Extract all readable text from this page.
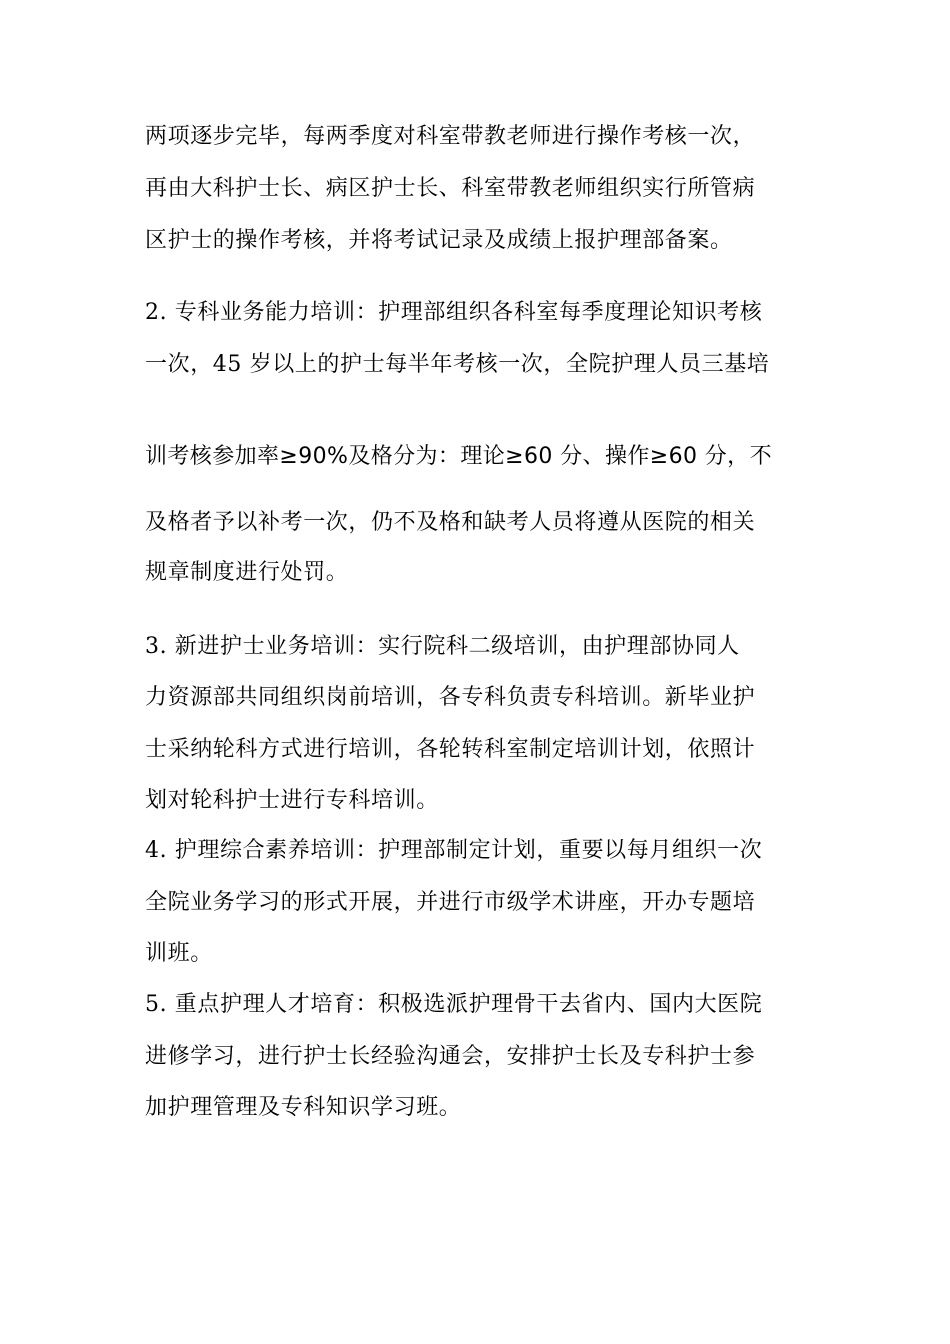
两项逐步完毕，每两季度对科室带教老师进行操作考核一次，
再由大科护士长、病区护士长、科室带教老师组织实行所管病
区护士的操作考核，并将考试记录及成绩上报护理部备案。
2. 专科业务能力培训：护理部组织各科室每季度理论知识考核
一次，45 岁以上的护士每半年考核一次，全院护理人员三基培
训考核参加率≥90%及格分为：理论≥60 分、操作≥60 分，不
及格者予以补考一次，仍不及格和缺考人员将遵从医院的相关
规章制度进行处罚。
3. 新进护士业务培训：实行院科二级培训，由护理部协同人
力资源部共同组织岗前培训，各专科负责专科培训。新毕业护
士采纳轮科方式进行培训，各轮转科室制定培训计划，依照计
划对轮科护士进行专科培训。
4. 护理综合素养培训：护理部制定计划，重要以每月组织一次
全院业务学习的形式开展，并进行市级学术讲座，开办专题培
训班。
5. 重点护理人才培育：积极选派护理骨干去省内、国内大医院
进修学习，进行护士长经验沟通会，安排护士长及专科护士参
加护理管理及专科知识学习班。
